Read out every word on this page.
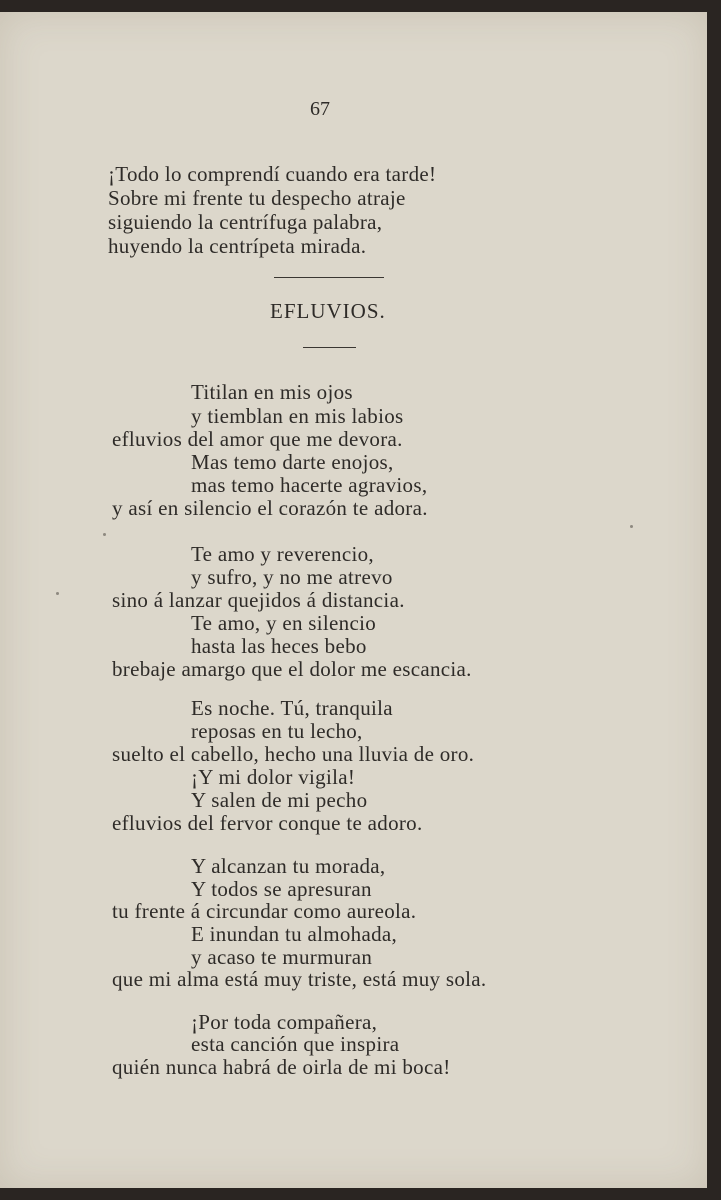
67
¡Todo lo comprendí cuando era tarde!
Sobre mi frente tu despecho atraje
siguiendo la centrífuga palabra,
huyendo la centrípeta mirada.
EFLUVIOS.
Titilan en mis ojos
y tiemblan en mis labios
efluvios del amor que me devora.
Mas temo darte enojos,
mas temo hacerte agravios,
y así en silencio el corazón te adora.
Te amo y reverencio,
y sufro, y no me atrevo
sino á lanzar quejidos á distancia.
Te amo, y en silencio
hasta las heces bebo
brebaje amargo que el dolor me escancia.
Es noche. Tú, tranquila
reposas en tu lecho,
suelto el cabello, hecho una lluvia de oro.
¡Y mi dolor vigila!
Y salen de mi pecho
efluvios del fervor conque te adoro.
Y alcanzan tu morada,
Y todos se apresuran
tu frente á circundar como aureola.
E inundan tu almohada,
y acaso te murmuran
que mi alma está muy triste, está muy sola.
¡Por toda compañera,
esta canción que inspira
quién nunca habrá de oirla de mi boca!
